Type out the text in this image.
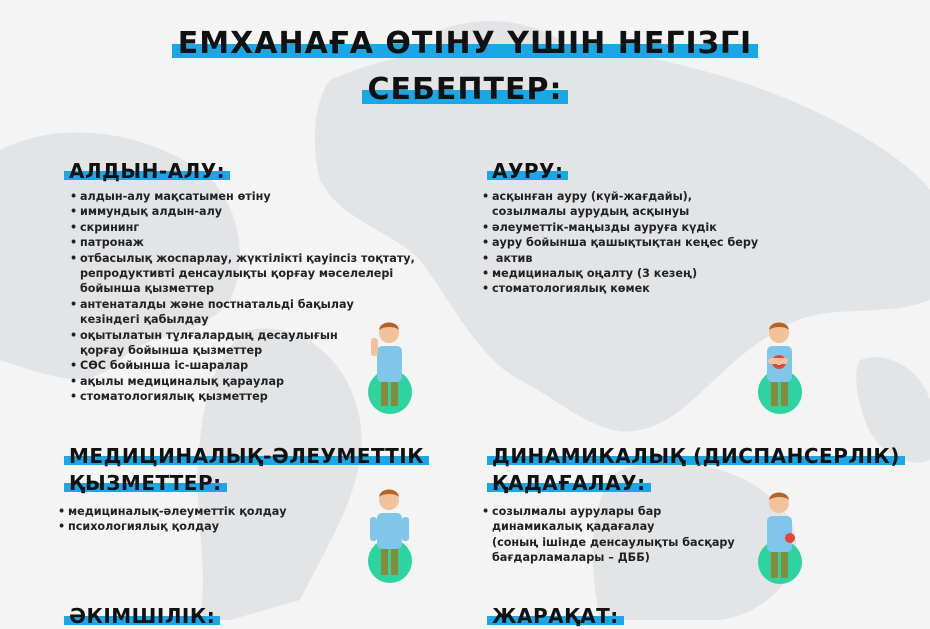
ЕМХАНАҒА ӨТІНУ ҮШІН НЕГІЗГІ
СЕБЕПТЕР:
АЛДЫН-АЛУ:
• алдын-алу мақсатымен өтіну
• иммундық алдын-алу
• скрининг
• патронаж
• отбасылық жоспарлау, жүктілікті қауіпсіз тоқтату,
репродуктивті денсаулықты қорғау мәселелері
бойынша қызметтер
• антенаталды және постнатальді бақылау
кезіндегі қабылдау
• оқытылатын тұлғалардың десаулығын
қорғау бойынша қызметтер
• СӨС бойынша іс-шаралар
• ақылы медициналық қараулар
• стоматологиялық қызметтер
АУРУ:
• асқынған ауру (күй-жағдайы),
созылмалы аурудың асқынуы
• әлеуметтік-маңызды ауруға күдік
• ауру бойынша қашықтықтан кеңес беру
•  актив
• медициналық оңалту (3 кезең)
• стоматологиялық көмек
МЕДИЦИНАЛЫҚ-ӘЛЕУМЕТТІК
ҚЫЗМЕТТЕР:
• медициналық-әлеуметтік қолдау
• психологиялық қолдау
ДИНАМИКАЛЫҚ (ДИСПАНСЕРЛІК)
ҚАДАҒАЛАУ:
• созылмалы аурулары бар
динамикалық қадағалау
(соның ішінде денсаулықты басқару
бағдарламалары – ДББ)
ӘКІМШІЛІК:	ЖАРАҚАТ:
